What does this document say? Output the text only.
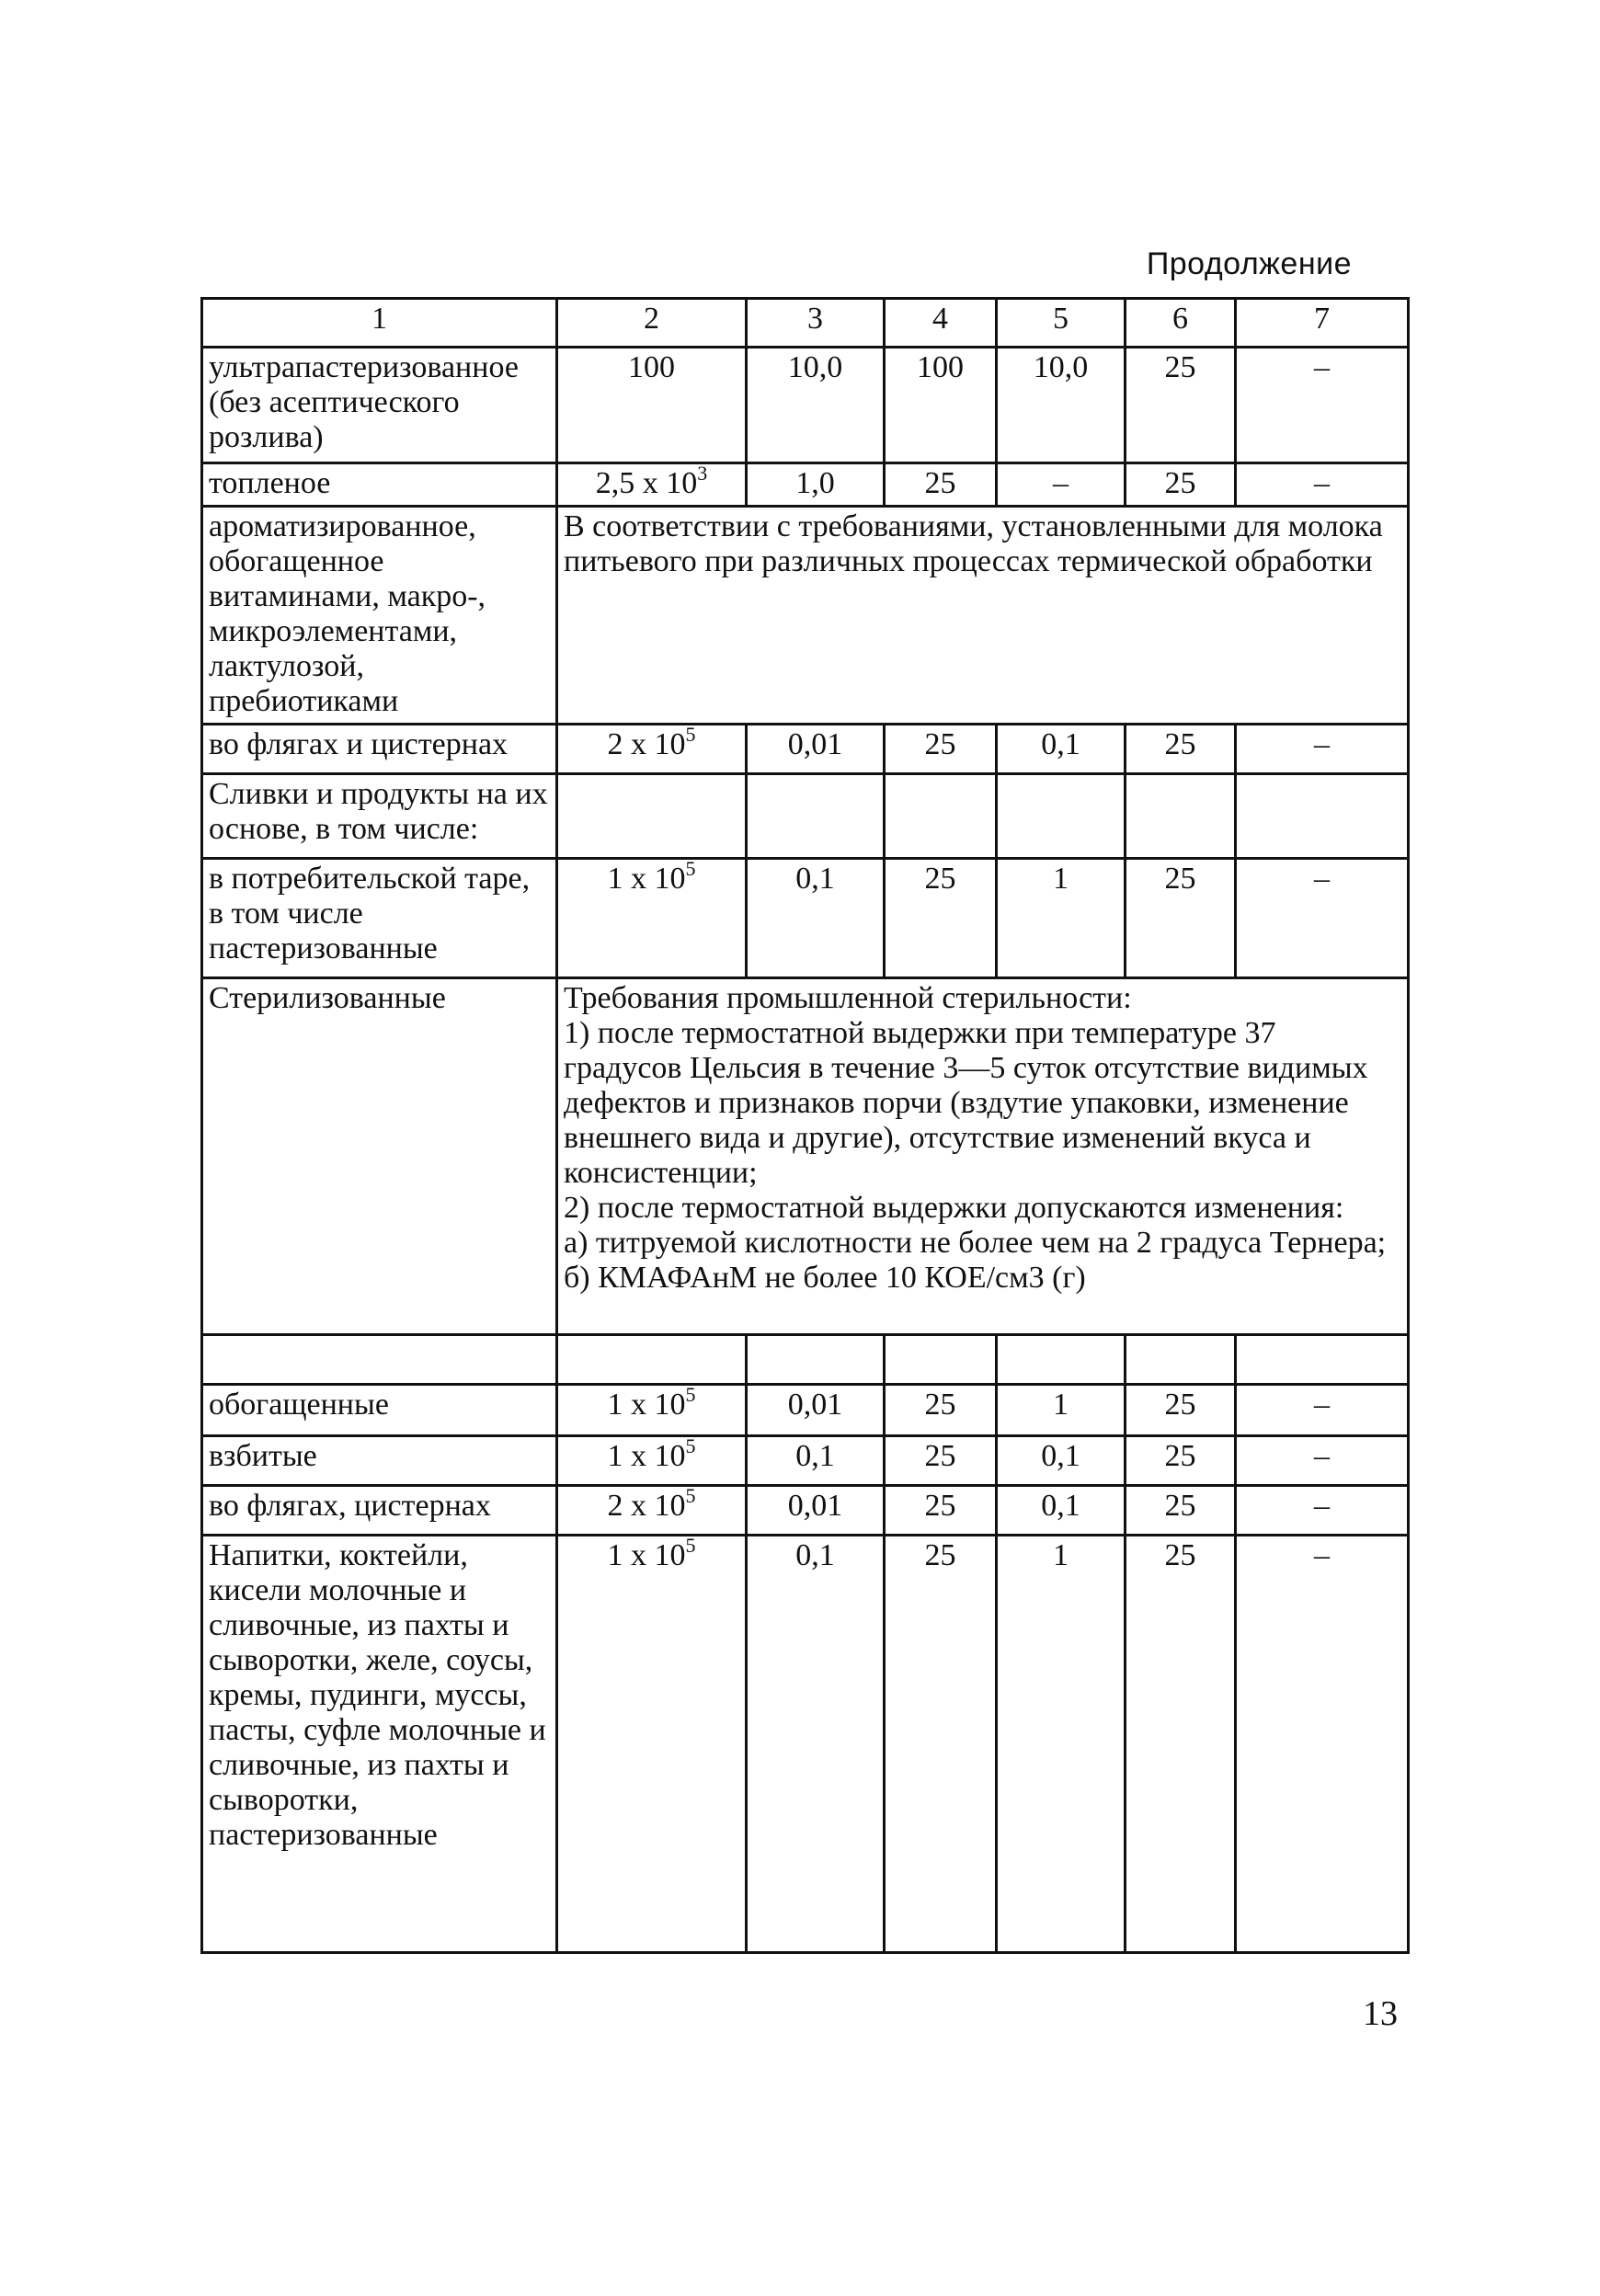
Продолжение
1	2	3	4	5	6	7
ультрапастеризованное (без асептического розлива)	100	10,0	100	10,0	25	–
топленое	2,5 x $10^3$	1,0	25	–	25	–
ароматизированное, обогащенное витаминами, макро-, микроэлементами, лактулозой, пребиотиками	В соответствии с требованиями, установленными для молока питьевого при различных процессах термической обработки					
во флягах и цистернах	2 x $10^5$	0,01	25	0,1	25	–
Сливки и продукты на их основе, в том числе:						
в потребительской таре, в том числе пастеризованные	1 x $10^5$	0,1	25	1	25	–
Стерилизованные	Требования промышленной стерильности:
1) после термостатной выдержки при температуре 37 градусов Цельсия в течение 3—5 суток отсутствие видимых дефектов и признаков порчи (вздутие упаковки, изменение внешнего вида и другие), отсутствие изменений вкуса и консистенции;
2) после термостатной выдержки допускаются изменения:
а) титруемой кислотности не более чем на 2 градуса Тернера;
б) КМАФАнМ не более 10 КОЕ/см3 (г)					

обогащенные	1 x $10^5$	0,01	25	1	25	–
взбитые	1 x $10^5$	0,1	25	0,1	25	–
во флягах, цистернах	2 x $10^5$	0,01	25	0,1	25	–
Напитки, коктейли, кисели молочные и сливочные, из пахты и сыворотки, желе, соусы, кремы, пудинги, муссы, пасты, суфле молочные и сливочные, из пахты и сыворотки, пастеризованные	1 x $10^5$	0,1	25	1	25	–
13
